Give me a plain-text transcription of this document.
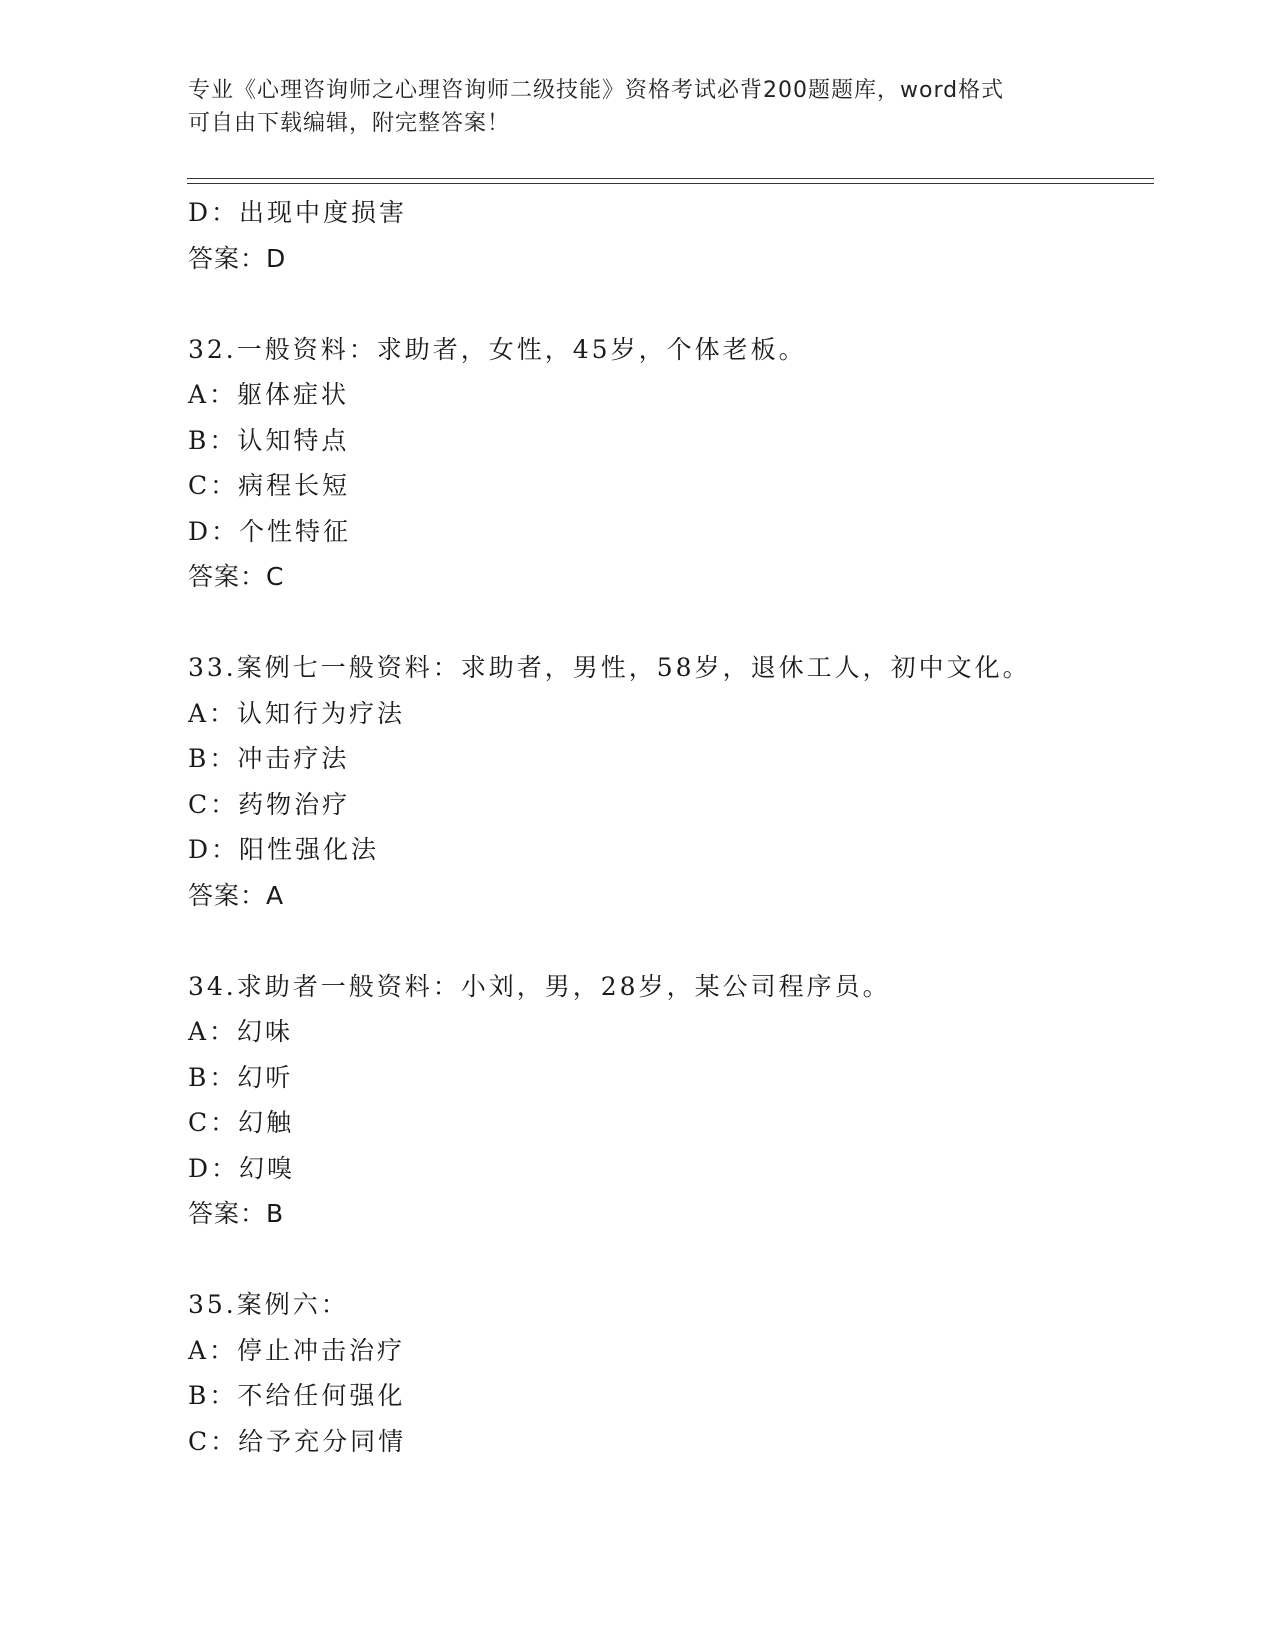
专业《心理咨询师之心理咨询师二级技能》资格考试必背200题题库，word格式
可自由下载编辑，附完整答案！
D：出现中度损害
答案：D
32.一般资料：求助者，女性，45岁，个体老板。
A：躯体症状
B：认知特点
C：病程长短
D：个性特征
答案：C
33.案例七一般资料：求助者，男性，58岁，退休工人，初中文化。
A：认知行为疗法
B：冲击疗法
C：药物治疗
D：阳性强化法
答案：A
34.求助者一般资料：小刘，男，28岁，某公司程序员。
A：幻味
B：幻听
C：幻触
D：幻嗅
答案：B
35.案例六：
A：停止冲击治疗
B：不给任何强化
C：给予充分同情
